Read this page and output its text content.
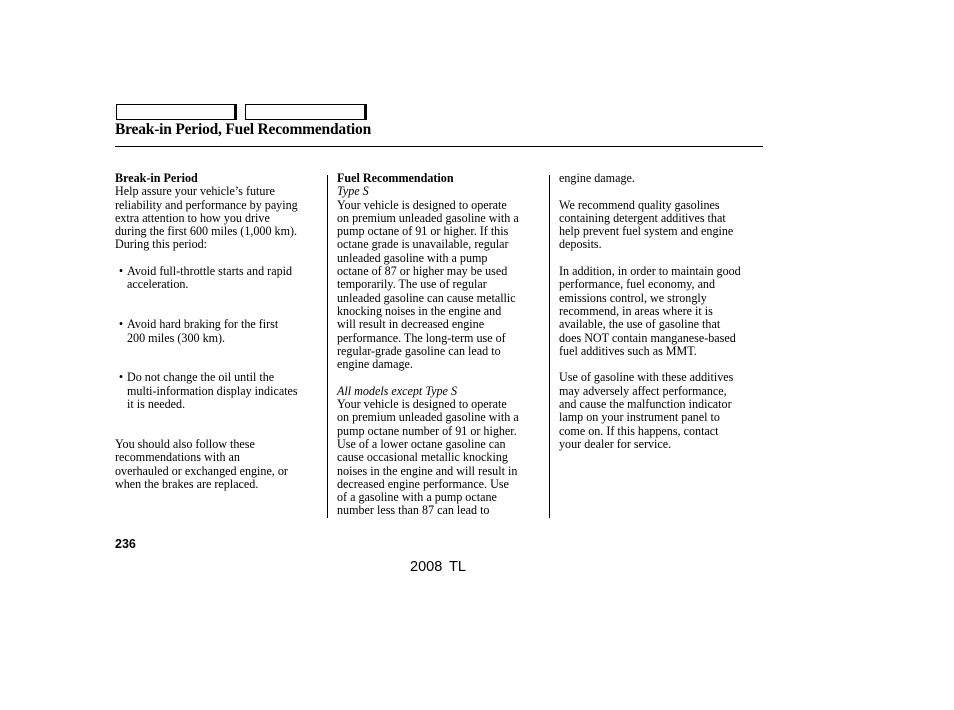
Break-in Period, Fuel Recommendation
Break-in Period
Help assure your vehicle’s future
reliability and performance by paying
extra attention to how you drive
during the first 600 miles (1,000 km).
During this period:
• Avoid full-throttle starts and rapid
acceleration.
• Avoid hard braking for the first
200 miles (300 km).
• Do not change the oil until the
multi-information display indicates
it is needed.
You should also follow these
recommendations with an
overhauled or exchanged engine, or
when the brakes are replaced.
Fuel Recommendation
Type S
Your vehicle is designed to operate
on premium unleaded gasoline with a
pump octane of 91 or higher. If this
octane grade is unavailable, regular
unleaded gasoline with a pump
octane of 87 or higher may be used
temporarily. The use of regular
unleaded gasoline can cause metallic
knocking noises in the engine and
will result in decreased engine
performance. The long-term use of
regular-grade gasoline can lead to
engine damage.
All models except Type S
Your vehicle is designed to operate
on premium unleaded gasoline with a
pump octane number of 91 or higher.
Use of a lower octane gasoline can
cause occasional metallic knocking
noises in the engine and will result in
decreased engine performance. Use
of a gasoline with a pump octane
number less than 87 can lead to
engine damage.
We recommend quality gasolines
containing detergent additives that
help prevent fuel system and engine
deposits.
In addition, in order to maintain good
performance, fuel economy, and
emissions control, we strongly
recommend, in areas where it is
available, the use of gasoline that
does NOT contain manganese-based
fuel additives such as MMT.
Use of gasoline with these additives
may adversely affect performance,
and cause the malfunction indicator
lamp on your instrument panel to
come on. If this happens, contact
your dealer for service.
236
2008 TL
